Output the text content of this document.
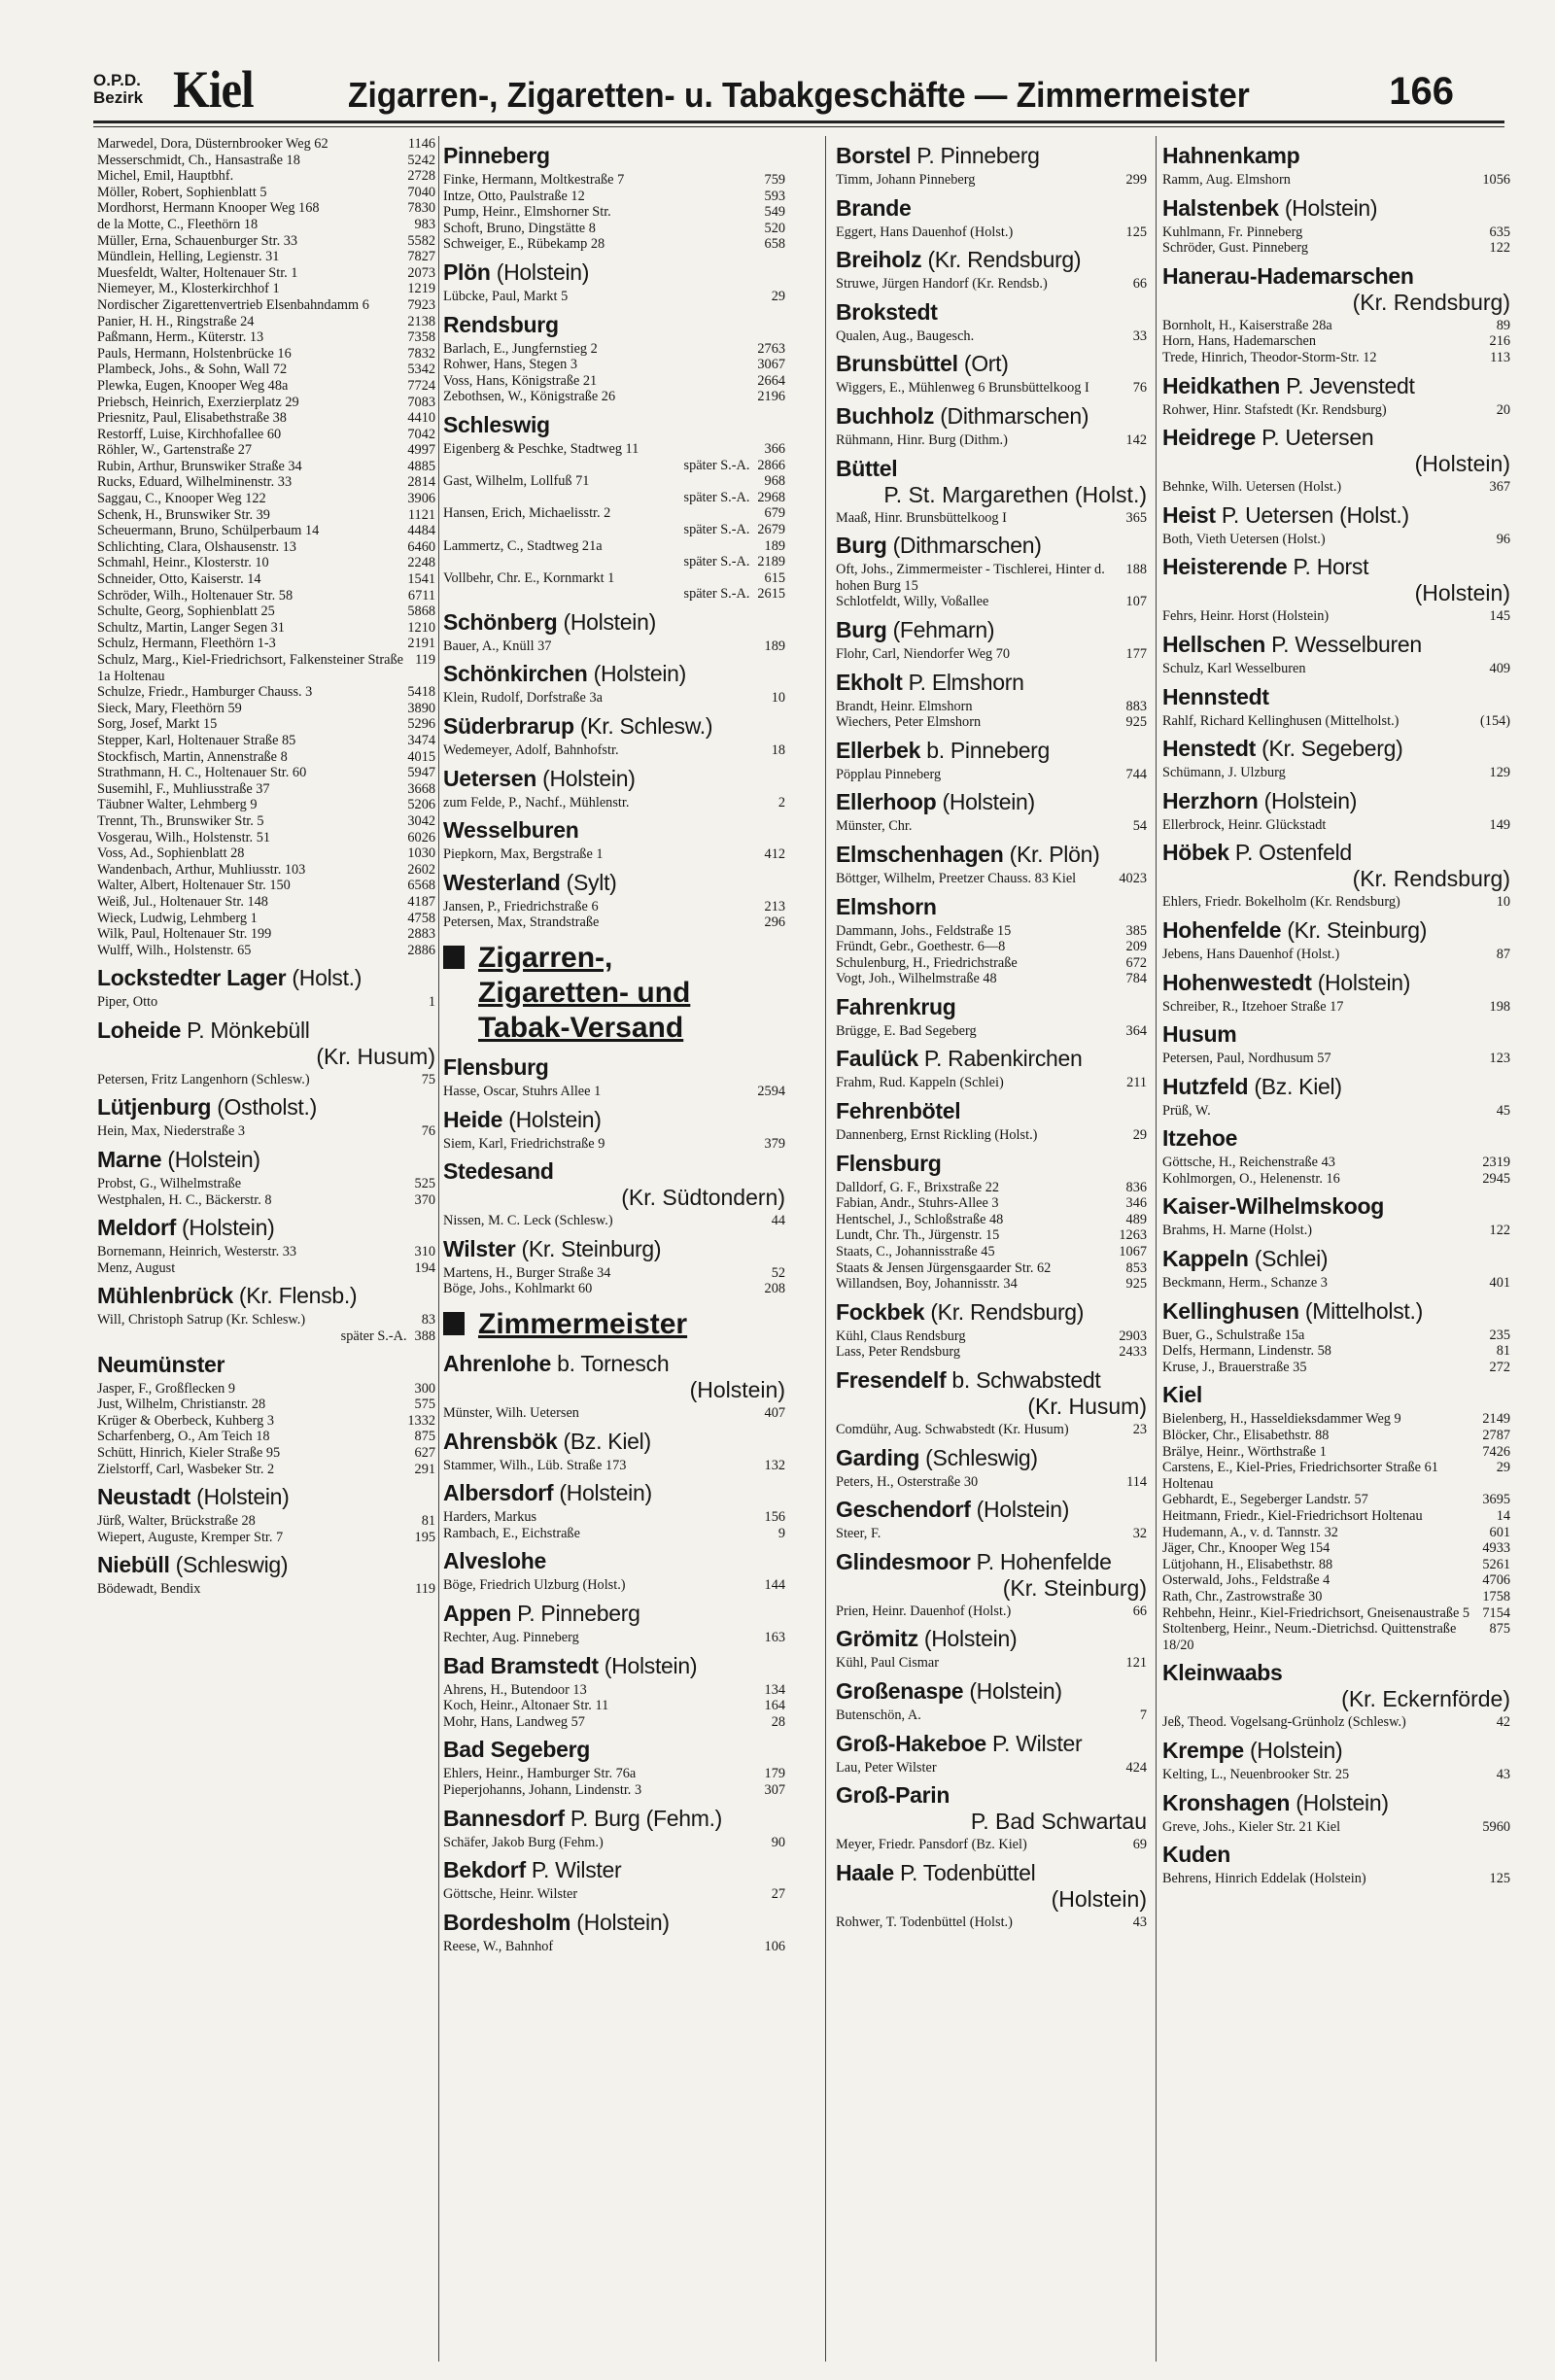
O.P.D.
Bezirk Kiel	Zigarren-, Zigaretten- u. Tabakgeschäfte — Zimmermeister	166
Marwedel, Dora, Düsternbrooker Weg 62	1146
Messerschmidt, Ch., Hansastraße 18	5242
Michel, Emil, Hauptbhf.	2728
Möller, Robert, Sophienblatt 5	7040
Mordhorst, Hermann Knooper Weg 168	7830
de la Motte, C., Fleethörn 18	983
Müller, Erna, Schauenburger Str. 33	5582
Mündlein, Helling, Legienstr. 31	7827
Muesfeldt, Walter, Holtenauer Str. 1	2073
Niemeyer, M., Klosterkirchhof 1	1219
Nordischer Zigarettenvertrieb Elsenbahndamm 6	7923
Panier, H. H., Ringstraße 24	2138
Paßmann, Herm., Küterstr. 13	7358
Pauls, Hermann, Holstenbrücke 16	7832
Plambeck, Johs., & Sohn, Wall 72	5342
Plewka, Eugen, Knooper Weg 48a	7724
Priebsch, Heinrich, Exerzierplatz 29	7083
Priesnitz, Paul, Elisabethstraße 38	4410
Restorff, Luise, Kirchhofallee 60	7042
Röhler, W., Gartenstraße 27	4997
Rubin, Arthur, Brunswiker Straße 34	4885
Rucks, Eduard, Wilhelminenstr. 33	2814
Saggau, C., Knooper Weg 122	3906
Schenk, H., Brunswiker Str. 39	1121
Scheuermann, Bruno, Schülperbaum 14	4484
Schlichting, Clara, Olshausenstr. 13	6460
Schmahl, Heinr., Klosterstr. 10	2248
Schneider, Otto, Kaiserstr. 14	1541
Schröder, Wilh., Holtenauer Str. 58	6711
Schulte, Georg, Sophienblatt 25	5868
Schultz, Martin, Langer Segen 31	1210
Schulz, Hermann, Fleethörn 1-3	2191
Schulz, Marg., Kiel-Friedrichsort, Falkensteiner Straße 1a Holtenau
119
Schulze, Friedr., Hamburger Chauss. 3	5418
Sieck, Mary, Fleethörn 59	3890
Sorg, Josef, Markt 15	5296
Stepper, Karl, Holtenauer Straße 85	3474
Stockfisch, Martin, Annenstraße 8	4015
Strathmann, H. C., Holtenauer Str. 60	5947
Susemihl, F., Muhliusstraße 37	3668
Täubner Walter, Lehmberg 9	5206
Trennt, Th., Brunswiker Str. 5	3042
Vosgerau, Wilh., Holstenstr. 51	6026
Voss, Ad., Sophienblatt 28	1030
Wandenbach, Arthur, Muhliusstr. 103	2602
Walter, Albert, Holtenauer Str. 150	6568
Weiß, Jul., Holtenauer Str. 148	4187
Wieck, Ludwig, Lehmberg 1	4758
Wilk, Paul, Holtenauer Str. 199	2883
Wulff, Wilh., Holstenstr. 65	2886
Lockstedter Lager (Holst.)
Piper, Otto	1
Loheide P. Mönkebüll
(Kr. Husum)
Petersen, Fritz Langenhorn (Schlesw.)	75
Lütjenburg (Ostholst.)
Hein, Max, Niederstraße 3	76
Marne (Holstein)
Probst, G., Wilhelmstraße	525
Westphalen, H. C., Bäckerstr. 8	370
Meldorf (Holstein)
Bornemann, Heinrich, Westerstr. 33	310
Menz, August	194
Mühlenbrück (Kr. Flensb.)
Will, Christoph Satrup (Kr. Schlesw.)	83
später S.-A. 388
Neumünster
Jasper, F., Großflecken 9	300
Just, Wilhelm, Christianstr. 28	575
Krüger & Oberbeck, Kuhberg 3	1332
Scharfenberg, O., Am Teich 18	875
Schütt, Hinrich, Kieler Straße 95	627
Zielstorff, Carl, Wasbeker Str. 2	291
Neustadt (Holstein)
Jürß, Walter, Brückstraße 28	81
Wiepert, Auguste, Kremper Str. 7	195
Niebüll (Schleswig)
Bödewadt, Bendix	119
Pinneberg
Finke, Hermann, Moltkestraße 7	759
Intze, Otto, Paulstraße 12	593
Pump, Heinr., Elmshorner Str.	549
Schoft, Bruno, Dingstätte 8	520
Schweiger, E., Rübekamp 28	658
Plön (Holstein)
Lübcke, Paul, Markt 5	29
Rendsburg
Barlach, E., Jungfernstieg 2	2763
Rohwer, Hans, Stegen 3	3067
Voss, Hans, Königstraße 21	2664
Zebothsen, W., Königstraße 26	2196
Schleswig
Eigenberg & Peschke, Stadtweg 11	366
später S.-A. 2866
Gast, Wilhelm, Lollfuß 71	968
später S.-A. 2968
Hansen, Erich, Michaelisstr. 2	679
später S.-A. 2679
Lammertz, C., Stadtweg 21a	189
später S.-A. 2189
Vollbehr, Chr. E., Kornmarkt 1	615
später S.-A. 2615
Schönberg (Holstein)
Bauer, A., Knüll 37	189
Schönkirchen (Holstein)
Klein, Rudolf, Dorfstraße 3a	10
Süderbrarup (Kr. Schlesw.)
Wedemeyer, Adolf, Bahnhofstr.	18
Uetersen (Holstein)
zum Felde, P., Nachf., Mühlenstr.	2
Wesselburen
Piepkorn, Max, Bergstraße 1	412
Westerland (Sylt)
Jansen, P., Friedrichstraße 6	213
Petersen, Max, Strandstraße	296
Zigarren-,
Zigaretten- und
Tabak-Versand
Flensburg
Hasse, Oscar, Stuhrs Allee 1	2594
Heide (Holstein)
Siem, Karl, Friedrichstraße 9	379
Stedesand
(Kr. Südtondern)
Nissen, M. C. Leck (Schlesw.)	44
Wilster (Kr. Steinburg)
Martens, H., Burger Straße 34	52
Böge, Johs., Kohlmarkt 60	208
Zimmermeister
Ahrenlohe b. Tornesch
(Holstein)
Münster, Wilh. Uetersen	407
Ahrensbök (Bz. Kiel)
Stammer, Wilh., Lüb. Straße 173	132
Albersdorf (Holstein)
Harders, Markus	156
Rambach, E., Eichstraße	9
Alveslohe
Böge, Friedrich Ulzburg (Holst.)	144
Appen P. Pinneberg
Rechter, Aug. Pinneberg	163
Bad Bramstedt (Holstein)
Ahrens, H., Butendoor 13	134
Koch, Heinr., Altonaer Str. 11	164
Mohr, Hans, Landweg 57	28
Bad Segeberg
Ehlers, Heinr., Hamburger Str. 76a	179
Pieperjohanns, Johann, Lindenstr. 3	307
Bannesdorf P. Burg (Fehm.)
Schäfer, Jakob Burg (Fehm.)	90
Bekdorf P. Wilster
Göttsche, Heinr. Wilster	27
Bordesholm (Holstein)
Reese, W., Bahnhof	106
Borstel P. Pinneberg
Timm, Johann Pinneberg	299
Brande
Eggert, Hans Dauenhof (Holst.)	125
Breiholz (Kr. Rendsburg)
Struwe, Jürgen Handorf (Kr. Rendsb.)	66
Brokstedt
Qualen, Aug., Baugesch.	33
Brunsbüttel (Ort)
Wiggers, E., Mühlenweg 6 Brunsbüttelkoog I	76
Buchholz (Dithmarschen)
Rühmann, Hinr. Burg (Dithm.)	142
Büttel
P. St. Margarethen (Holst.)
Maaß, Hinr. Brunsbüttelkoog I	365
Burg (Dithmarschen)
Oft, Johs., Zimmermeister - Tischlerei, Hinter d. hohen Burg 15
188
Schlotfeldt, Willy, Voßallee	107
Burg (Fehmarn)
Flohr, Carl, Niendorfer Weg 70	177
Ekholt P. Elmshorn
Brandt, Heinr. Elmshorn	883
Wiechers, Peter Elmshorn	925
Ellerbek b. Pinneberg
Pöpplau Pinneberg	744
Ellerhoop (Holstein)
Münster, Chr.	54
Elmschenhagen (Kr. Plön)
Böttger, Wilhelm, Preetzer Chauss. 83 Kiel	4023
Elmshorn
Dammann, Johs., Feldstraße 15	385
Fründt, Gebr., Goethestr. 6—8	209
Schulenburg, H., Friedrichstraße	672
Vogt, Joh., Wilhelmstraße 48	784
Fahrenkrug
Brügge, E. Bad Segeberg	364
Faulück P. Rabenkirchen
Frahm, Rud. Kappeln (Schlei)	211
Fehrenbötel
Dannenberg, Ernst Rickling (Holst.)	29
Flensburg
Dalldorf, G. F., Brixstraße 22	836
Fabian, Andr., Stuhrs-Allee 3	346
Hentschel, J., Schloßstraße 48	489
Lundt, Chr. Th., Jürgenstr. 15	1263
Staats, C., Johannisstraße 45	1067
Staats & Jensen Jürgensgaarder Str. 62	853
Willandsen, Boy, Johannisstr. 34	925
Fockbek (Kr. Rendsburg)
Kühl, Claus Rendsburg	2903
Lass, Peter Rendsburg	2433
Fresendelf b. Schwabstedt
(Kr. Husum)
Comdühr, Aug. Schwabstedt (Kr. Husum)	23
Garding (Schleswig)
Peters, H., Osterstraße 30	114
Geschendorf (Holstein)
Steer, F.	32
Glindesmoor P. Hohenfelde
(Kr. Steinburg)
Prien, Heinr. Dauenhof (Holst.)	66
Grömitz (Holstein)
Kühl, Paul Cismar	121
Großenaspe (Holstein)
Butenschön, A.	7
Groß-Hakeboe P. Wilster
Lau, Peter Wilster	424
Groß-Parin
P. Bad Schwartau
Meyer, Friedr. Pansdorf (Bz. Kiel)	69
Haale P. Todenbüttel
(Holstein)
Rohwer, T. Todenbüttel (Holst.)	43
Hahnenkamp
Ramm, Aug. Elmshorn	1056
Halstenbek (Holstein)
Kuhlmann, Fr. Pinneberg	635
Schröder, Gust. Pinneberg	122
Hanerau-Hademarschen
(Kr. Rendsburg)
Bornholt, H., Kaiserstraße 28a	89
Horn, Hans, Hademarschen	216
Trede, Hinrich, Theodor-Storm-Str. 12	113
Heidkathen P. Jevenstedt
Rohwer, Hinr. Stafstedt (Kr. Rendsburg)	20
Heidrege P. Uetersen
(Holstein)
Behnke, Wilh. Uetersen (Holst.)	367
Heist P. Uetersen (Holst.)
Both, Vieth Uetersen (Holst.)	96
Heisterende P. Horst
(Holstein)
Fehrs, Heinr. Horst (Holstein)	145
Hellschen P. Wesselburen
Schulz, Karl Wesselburen	409
Hennstedt
Rahlf, Richard Kellinghusen (Mittelholst.)	(154)
Henstedt (Kr. Segeberg)
Schümann, J. Ulzburg	129
Herzhorn (Holstein)
Ellerbrock, Heinr. Glückstadt	149
Höbek P. Ostenfeld
(Kr. Rendsburg)
Ehlers, Friedr. Bokelholm (Kr. Rendsburg)	10
Hohenfelde (Kr. Steinburg)
Jebens, Hans Dauenhof (Holst.)	87
Hohenwestedt (Holstein)
Schreiber, R., Itzehoer Straße 17	198
Husum
Petersen, Paul, Nordhusum 57	123
Hutzfeld (Bz. Kiel)
Prüß, W.	45
Itzehoe
Göttsche, H., Reichenstraße 43	2319
Kohlmorgen, O., Helenenstr. 16	2945
Kaiser-Wilhelmskoog
Brahms, H. Marne (Holst.)	122
Kappeln (Schlei)
Beckmann, Herm., Schanze 3	401
Kellinghusen (Mittelholst.)
Buer, G., Schulstraße 15a	235
Delfs, Hermann, Lindenstr. 58	81
Kruse, J., Brauerstraße 35	272
Kiel
Bielenberg, H., Hasseldieksdammer Weg 9	2149
Blöcker, Chr., Elisabethstr. 88	2787
Brälye, Heinr., Wörthstraße 1	7426
Carstens, E., Kiel-Pries, Friedrichsorter Straße 61 Holtenau
29
Gebhardt, E., Segeberger Landstr. 57	3695
Heitmann, Friedr., Kiel-Friedrichsort Holtenau	14
Hudemann, A., v. d. Tannstr. 32	601
Jäger, Chr., Knooper Weg 154	4933
Lütjohann, H., Elisabethstr. 88	5261
Osterwald, Johs., Feldstraße 4	4706
Rath, Chr., Zastrowstraße 30	1758
Rehbehn, Heinr., Kiel-Friedrichsort, Gneisenaustraße 5 7154
Stoltenberg, Heinr., Neum.-Dietrichsd. Quittenstraße 18/20
875
Kleinwaabs
(Kr. Eckernförde)
Jeß, Theod. Vogelsang-Grünholz (Schlesw.)	42
Krempe (Holstein)
Kelting, L., Neuenbrooker Str. 25	43
Kronshagen (Holstein)
Greve, Johs., Kieler Str. 21 Kiel	5960
Kuden
Behrens, Hinrich Eddelak (Holstein)	125
